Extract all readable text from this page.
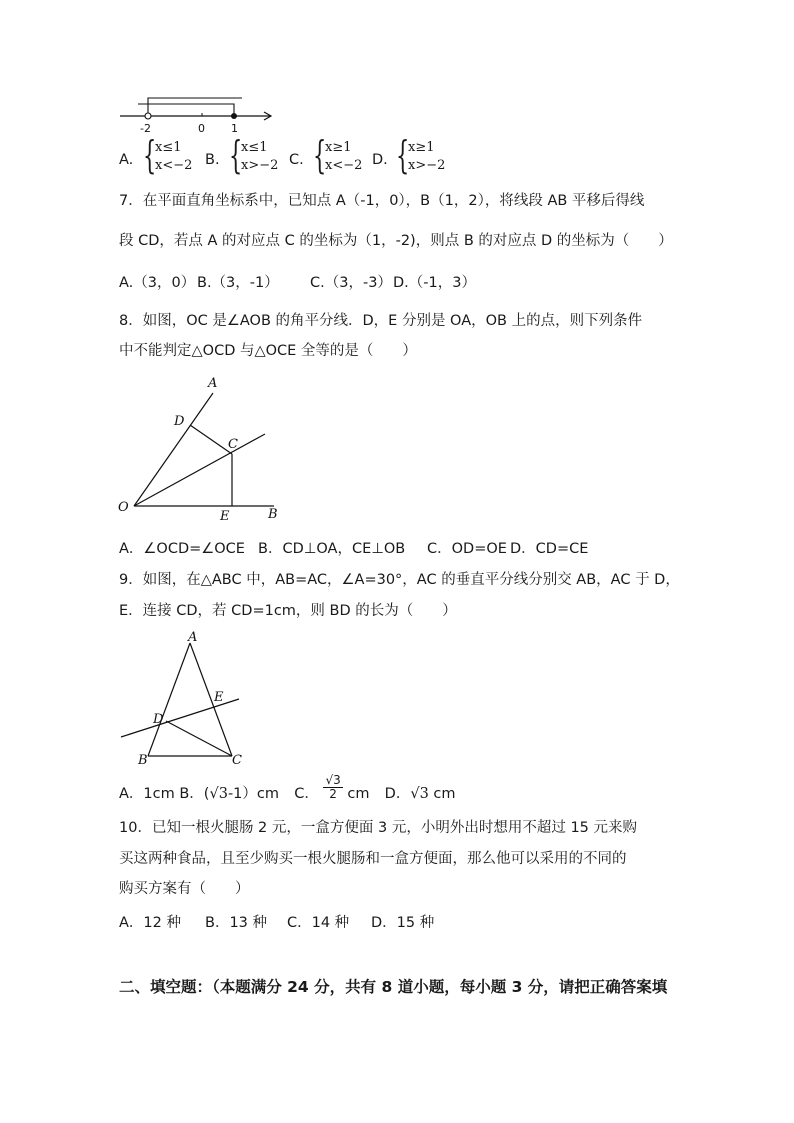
-2	0 1
A. {
x≤1
x<−2 B. {
x≤1
x>−2 C. {
x≥1
x<−2 D. {
x≥1
x>−2
7．在平面直角坐标系中，已知点 A（-1，0），B（1，2），将线段 AB 平移后得线
段 CD，若点 A 的对应点 C 的坐标为（1，-2)，则点 B 的对应点 D 的坐标为（　　）
A.（3，0） B.（3，-1） C.（3，-3） D.（-1，3）
8．如图，OC 是∠AOB 的角平分线．D，E 分别是 OA，OB 上的点，则下列条件
中不能判定△OCD 与△OCE 全等的是（　　）
A
D
C
O
E	B
A．∠OCD=∠OCE B．CD⊥OA，CE⊥OB C．OD=OE D．CD=CE
9．如图，在△ABC 中，AB=AC，∠A=30°，AC 的垂直平分线分别交 AB，AC 于 D，
E．连接 CD，若 CD=1cm，则 BD 的长为（　　）
A
E
D
B	C
A．1cm B．(√3-1）cm C． $\frac{√3}{2}$ cm D．√3 cm
10．已知一根火腿肠 2 元，一盒方便面 3 元，小明外出时想用不超过 15 元来购
买这两种食品，且至少购买一根火腿肠和一盒方便面，那么他可以采用的不同的
购买方案有（　　）
A．12 种 B．13 种 C．14 种 D．15 种
二、填空题：（本题满分 24 分，共有 8 道小题，每小题 3 分，请把正确答案填
